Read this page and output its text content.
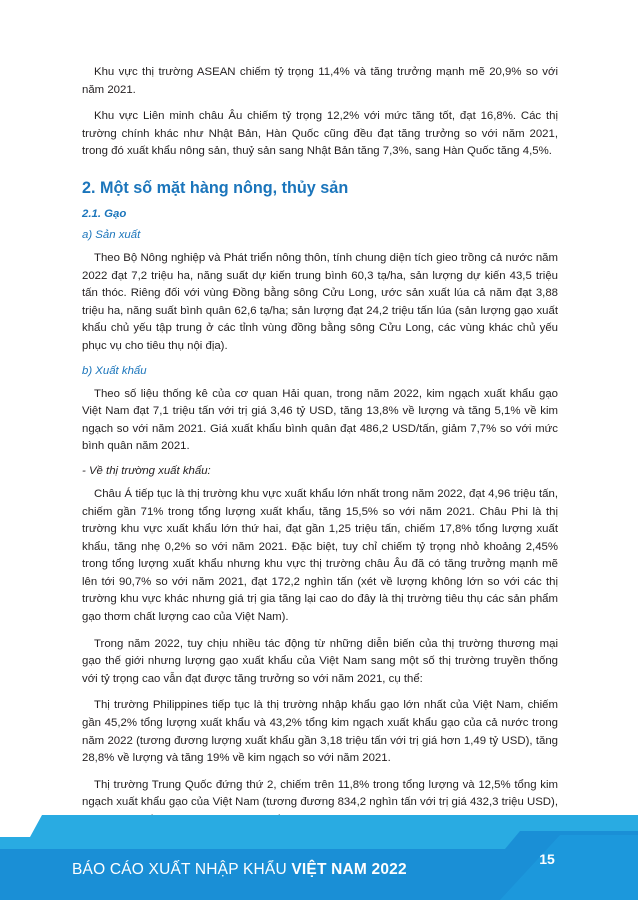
Khu vực thị trường ASEAN chiếm tỷ trọng 11,4% và tăng trưởng mạnh mẽ 20,9% so với năm 2021.

Khu vực Liên minh châu Âu chiếm tỷ trọng 12,2% với mức tăng tốt, đạt 16,8%. Các thị trường chính khác như Nhật Bản, Hàn Quốc cũng đều đạt tăng trưởng so với năm 2021, trong đó xuất khẩu nông sản, thuỷ sản sang Nhật Bản tăng 7,3%, sang Hàn Quốc tăng 4,5%.

2. Một số mặt hàng nông, thủy sản
2.1. Gạo
a) Sản xuất

Theo Bộ Nông nghiệp và Phát triển nông thôn, tính chung diện tích gieo trồng cả nước năm 2022 đạt 7,2 triệu ha, năng suất dự kiến trung bình 60,3 tạ/ha, sản lượng dự kiến 43,5 triệu tấn thóc. Riêng đối với vùng Đồng bằng sông Cửu Long, ước sản xuất lúa cả năm đạt 3,88 triệu ha, năng suất bình quân 62,6 tạ/ha; sản lượng đạt 24,2 triệu tấn lúa (sản lượng gạo xuất khẩu chủ yếu tập trung ở các tỉnh vùng đồng bằng sông Cửu Long, các vùng khác chủ yếu phục vụ cho tiêu thụ nội địa).

b) Xuất khẩu

Theo số liệu thống kê của cơ quan Hải quan, trong năm 2022, kim ngạch xuất khẩu gạo Việt Nam đạt 7,1 triệu tấn với trị giá 3,46 tỷ USD, tăng 13,8% về lượng và tăng 5,1% về kim ngạch so với năm 2021. Giá xuất khẩu bình quân đạt 486,2 USD/tấn, giảm 7,7% so với mức bình quân năm 2021.

- Về thị trường xuất khẩu:

Châu Á tiếp tục là thị trường khu vực xuất khẩu lớn nhất trong năm 2022, đạt 4,96 triệu tấn, chiếm gần 71% trong tổng lượng xuất khẩu, tăng 15,5% so với năm 2021. Châu Phi là thị trường khu vực xuất khẩu lớn thứ hai, đạt gần 1,25 triệu tấn, chiếm 17,8% tổng lượng xuất khẩu, tăng nhẹ 0,2% so với năm 2021. Đặc biệt, tuy chỉ chiếm tỷ trọng nhỏ khoảng 2,45% trong tổng lượng xuất khẩu nhưng khu vực thị trường châu Âu đã có tăng trưởng mạnh mẽ lên tới 90,7% so với năm 2021, đạt 172,2 nghìn tấn (xét về lượng không lớn so với các thị trường khu vực khác nhưng giá trị gia tăng lại cao do đây là thị trường tiêu thụ các sản phẩm gạo thơm chất lượng cao của Việt Nam).

Trong năm 2022, tuy chịu nhiều tác động từ những diễn biến của thị trường thương mại gạo thế giới nhưng lượng gạo xuất khẩu của Việt Nam sang một số thị trường truyền thống với tỷ trọng cao vẫn đạt được tăng trưởng so với năm 2021, cụ thể:

Thị trường Philippines tiếp tục là thị trường nhập khẩu gạo lớn nhất của Việt Nam, chiếm gần 45,2% tổng lượng xuất khẩu và 43,2% tổng kim ngạch xuất khẩu gạo của cả nước trong năm 2022 (tương đương lượng xuất khẩu gần 3,18 triệu tấn với trị giá hơn 1,49 tỷ USD), tăng 28,8% về lượng và tăng 19% về kim ngạch so với năm 2021.

Thị trường Trung Quốc đứng thứ 2, chiếm trên 11,8% trong tổng lượng và 12,5% tổng kim ngạch xuất khẩu gạo của Việt Nam (tương đương 834,2 nghìn tấn với trị giá 432,3 triệu USD),

BÁO CÁO XUẤT NHẬP KHẨU VIỆT NAM 2022
15
